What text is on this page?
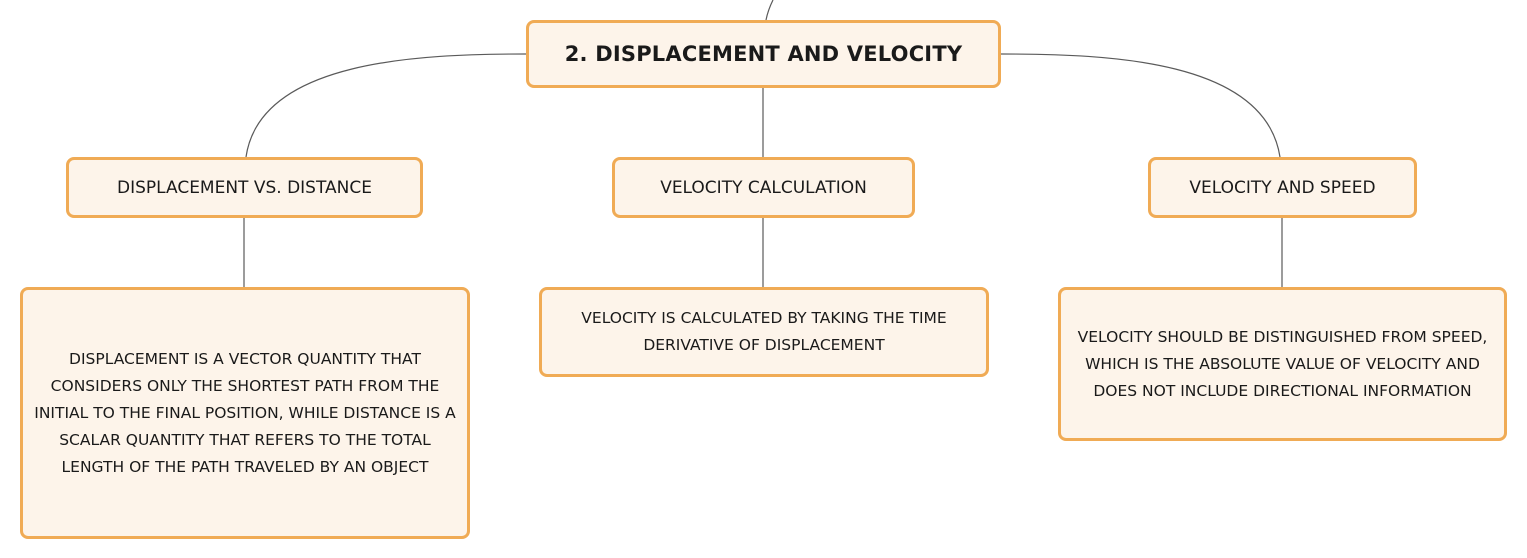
2. DISPLACEMENT AND VELOCITY
DISPLACEMENT VS. DISTANCE	VELOCITY CALCULATION	VELOCITY AND SPEED
DISPLACEMENT IS A VECTOR QUANTITY THAT CONSIDERS ONLY THE SHORTEST PATH FROM THE INITIAL TO THE FINAL POSITION, WHILE DISTANCE IS A SCALAR QUANTITY THAT REFERS TO THE TOTAL LENGTH OF THE PATH TRAVELED BY AN OBJECT
VELOCITY IS CALCULATED BY TAKING THE TIME DERIVATIVE OF DISPLACEMENT	VELOCITY SHOULD BE DISTINGUISHED FROM SPEED, WHICH IS THE ABSOLUTE VALUE OF VELOCITY AND DOES NOT INCLUDE DIRECTIONAL INFORMATION
